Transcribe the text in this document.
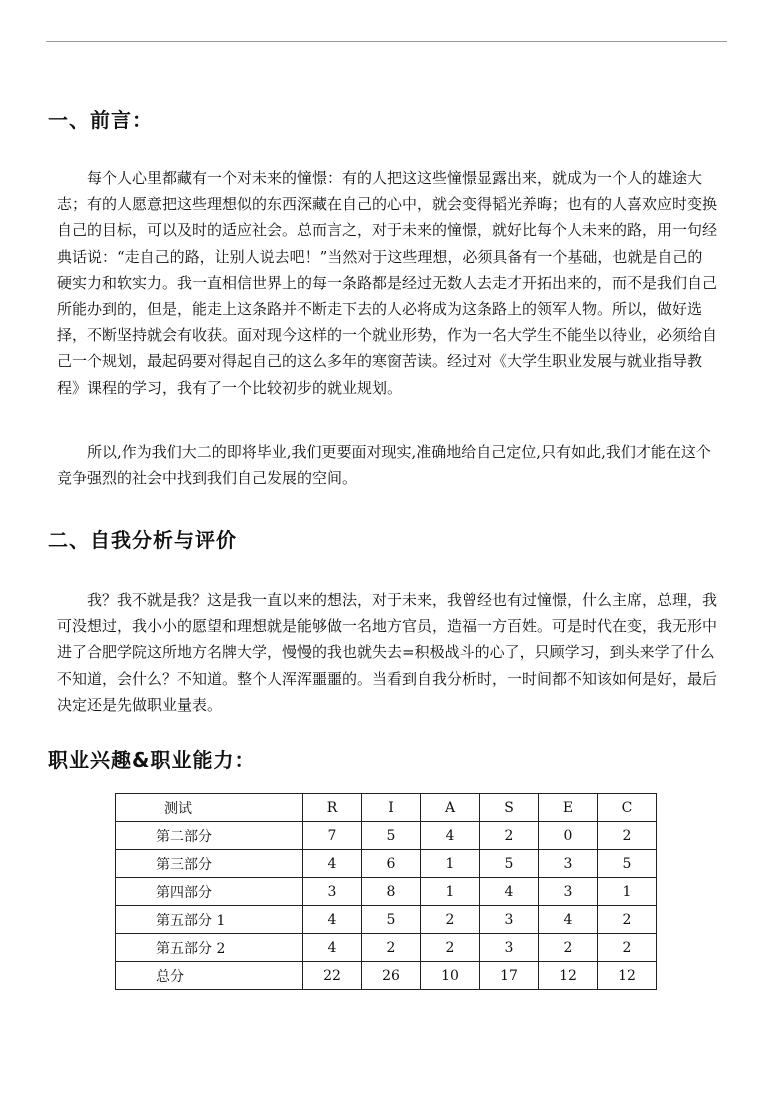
一、前言：

每个人心里都藏有一个对未来的憧憬：有的人把这这些憧憬显露出来，就成为一个人的雄途大志；有的人愿意把这些理想似的东西深藏在自己的心中，就会变得韬光养晦；也有的人喜欢应时变换自己的目标，可以及时的适应社会。总而言之，对于未来的憧憬，就好比每个人未来的路，用一句经典话说：“走自己的路，让别人说去吧！”当然对于这些理想，必须具备有一个基础，也就是自己的硬实力和软实力。我一直相信世界上的每一条路都是经过无数人去走才开拓出来的，而不是我们自己所能办到的，但是，能走上这条路并不断走下去的人必将成为这条路上的领军人物。所以，做好选择，不断坚持就会有收获。面对现今这样的一个就业形势，作为一名大学生不能坐以待业，必须给自己一个规划，最起码要对得起自己的这么多年的寒窗苦读。经过对《大学生职业发展与就业指导教程》课程的学习，我有了一个比较初步的就业规划。

所以,作为我们大二的即将毕业,我们更要面对现实,准确地给自己定位,只有如此,我们才能在这个竞争强烈的社会中找到我们自己发展的空间。

二、自我分析与评价

我？我不就是我？这是我一直以来的想法，对于未来，我曾经也有过憧憬，什么主席，总理，我可没想过，我小小的愿望和理想就是能够做一名地方官员，造福一方百姓。可是时代在变，我无形中进了合肥学院这所地方名牌大学，慢慢的我也就失去=积极战斗的心了，只顾学习，到头来学了什么不知道，会什么？不知道。整个人浑浑噩噩的。当看到自我分析时，一时间都不知该如何是好，最后决定还是先做职业量表。

职业兴趣&职业能力：
测试	R	I	A	S	E	C
第二部分	7	5	4	2	0	2
第三部分	4	6	1	5	3	5
第四部分	3	8	1	4	3	1
第五部分 1	4	5	2	3	4	2
第五部分 2	4	2	2	3	2	2
总分	22	26	10	17	12	12
